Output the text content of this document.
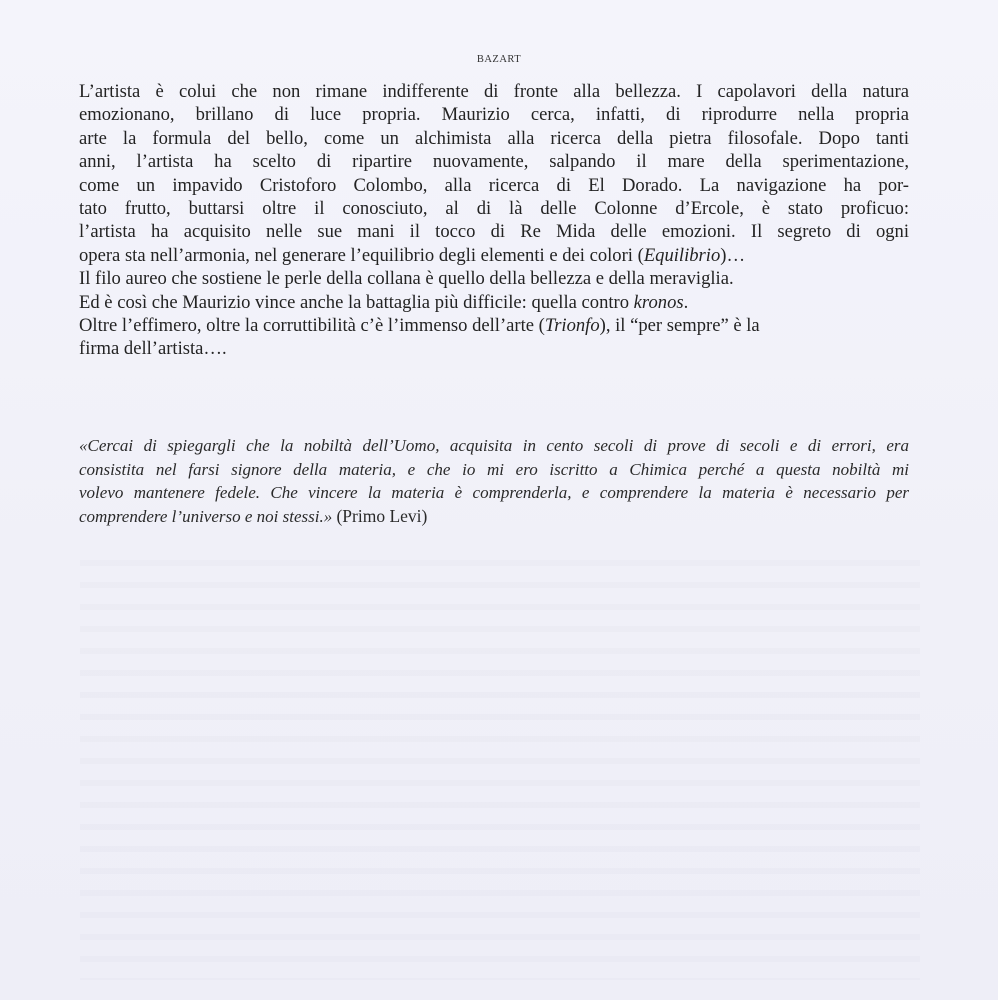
BAZART
L’artista è colui che non rimane indifferente di fronte alla bellezza. I capolavori della natura
emozionano, brillano di luce propria. Maurizio cerca, infatti, di riprodurre nella propria
arte la formula del bello, come un alchimista alla ricerca della pietra filosofale. Dopo tanti
anni, l’artista ha scelto di ripartire nuovamente, salpando il mare della sperimentazione,
come un impavido Cristoforo Colombo, alla ricerca di El Dorado. La navigazione ha por-
tato frutto, buttarsi oltre il conosciuto, al di là delle Colonne d’Ercole, è stato proficuo:
l’artista ha acquisito nelle sue mani il tocco di Re Mida delle emozioni. Il segreto di ogni
opera sta nell’armonia, nel generare l’equilibrio degli elementi e dei colori (Equilibrio)…
Il filo aureo che sostiene le perle della collana è quello della bellezza e della meraviglia.
Ed è così che Maurizio vince anche la battaglia più difficile: quella contro kronos.
Oltre l’effimero, oltre la corruttibilità c’è l’immenso dell’arte (Trionfo), il “per sempre” è la
firma dell’artista….
«Cercai di spiegargli che la nobiltà dell’Uomo, acquisita in cento secoli di prove di secoli e di errori, era
consistita nel farsi signore della materia, e che io mi ero iscritto a Chimica perché a questa nobiltà mi
volevo mantenere fedele. Che vincere la materia è comprenderla, e comprendere la materia è necessario per
comprendere l’universo e noi stessi.» (Primo Levi)
